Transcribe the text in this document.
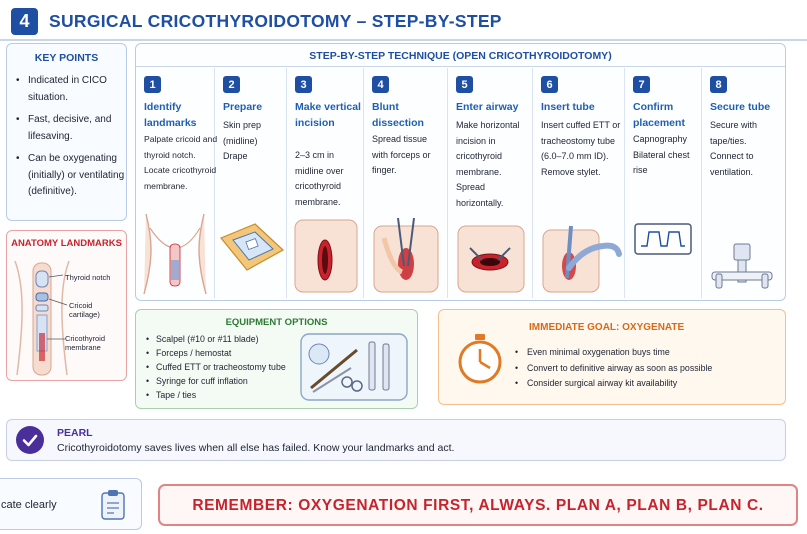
4	SURGICAL CRICOTHYROIDOTOMY – STEP-BY-STEP
KEY POINTS
• Indicated in CICO situation.
• Fast, decisive, and lifesaving.
• Can be oxygenating (initially) or ventilating (definitive).
ANATOMY LANDMARKS
Thyroid notch
Cricoid cartilage)
Cricothyroid membrane
STEP-BY-STEP TECHNIQUE (OPEN CRICOTHYROIDOTOMY)
1
Identify landmarks
Palpate cricoid and thyroid notch. Locate cricothyroid membrane.
2
Prepare
Skin prep (midline) Drape
3
Make vertical incision
2–3 cm in midline over cricothyroid membrane.
4
Blunt dissection
Spread tissue with forceps or finger.
5
Enter airway
Make horizontal incision in cricothyroid membrane. Spread horizontally.
6
Insert tube
Insert cuffed ETT or tracheostomy tube (6.0–7.0 mm ID). Remove stylet.
7
Confirm placement
Capnography Bilateral chest rise
8
Secure tube
Secure with tape/ties. Connect to ventilation.
EQUIPMENT OPTIONS
• Scalpel (#10 or #11 blade)
• Forceps / hemostat
• Cuffed ETT or tracheostomy tube
• Syringe for cuff inflation
• Tape / ties
IMMEDIATE GOAL: OXYGENATE
• Even minimal oxygenation buys time
• Convert to definitive airway as soon as possible
• Consider surgical airway kit availability
PEARL
Cricothyroidotomy saves lives when all else has failed. Know your landmarks and act.
cate clearly	REMEMBER: OXYGENATION FIRST, ALWAYS. PLAN A, PLAN B, PLAN C.
